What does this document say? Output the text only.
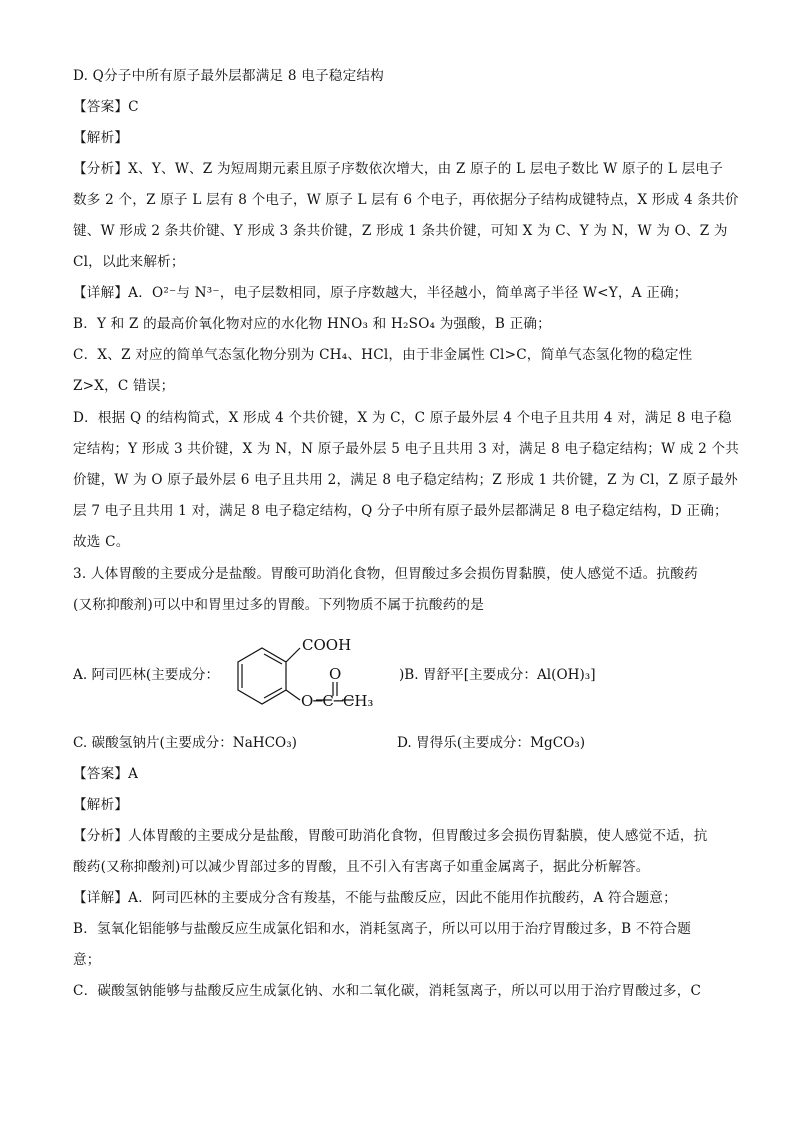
D. Q分子中所有原子最外层都满足 8 电子稳定结构
【答案】C
【解析】
【分析】X、Y、W、Z 为短周期元素且原子序数依次增大，由 Z 原子的 L 层电子数比 W 原子的 L 层电子
数多 2 个，Z 原子 L 层有 8 个电子，W 原子 L 层有 6 个电子，再依据分子结构成键特点，X 形成 4 条共价
键、W 形成 2 条共价键、Y 形成 3 条共价键，Z 形成 1 条共价键，可知 X 为 C、Y 为 N，W 为 O、Z 为
Cl，以此来解析；
【详解】A．O²⁻与 N³⁻，电子层数相同，原子序数越大，半径越小，简单离子半径 W<Y，A 正确；
B．Y 和 Z 的最高价氧化物对应的水化物 HNO₃ 和 H₂SO₄ 为强酸，B 正确；
C．X、Z 对应的简单气态氢化物分别为 CH₄、HCl，由于非金属性 Cl>C，简单气态氢化物的稳定性
Z>X，C 错误；
D．根据 Q 的结构简式，X 形成 4 个共价键，X 为 C，C 原子最外层 4 个电子且共用 4 对，满足 8 电子稳
定结构；Y 形成 3 共价键，X 为 N，N 原子最外层 5 电子且共用 3 对，满足 8 电子稳定结构；W 成 2 个共
价键，W 为 O 原子最外层 6 电子且共用 2，满足 8 电子稳定结构；Z 形成 1 共价键，Z 为 Cl，Z 原子最外
层 7 电子且共用 1 对，满足 8 电子稳定结构，Q 分子中所有原子最外层都满足 8 电子稳定结构，D 正确；
故选 C。
3. 人体胃酸的主要成分是盐酸。胃酸可助消化食物，但胃酸过多会损伤胃黏膜，使人感觉不适。抗酸药
(又称抑酸剂)可以中和胃里过多的胃酸。下列物质不属于抗酸药的是
A. 阿司匹林(主要成分：
COOH
O
O─C─CH₃
)B. 胃舒平[主要成分：Al(OH)₃]
C. 碳酸氢钠片(主要成分：NaHCO₃)	D. 胃得乐(主要成分：MgCO₃)
【答案】A
【解析】
【分析】人体胃酸的主要成分是盐酸，胃酸可助消化食物，但胃酸过多会损伤胃黏膜，使人感觉不适，抗
酸药(又称抑酸剂)可以减少胃部过多的胃酸，且不引入有害离子如重金属离子，据此分析解答。
【详解】A．阿司匹林的主要成分含有羧基，不能与盐酸反应，因此不能用作抗酸药，A 符合题意；
B．氢氧化铝能够与盐酸反应生成氯化铝和水，消耗氢离子，所以可以用于治疗胃酸过多，B 不符合题
意；
C．碳酸氢钠能够与盐酸反应生成氯化钠、水和二氧化碳，消耗氢离子，所以可以用于治疗胃酸过多，C
